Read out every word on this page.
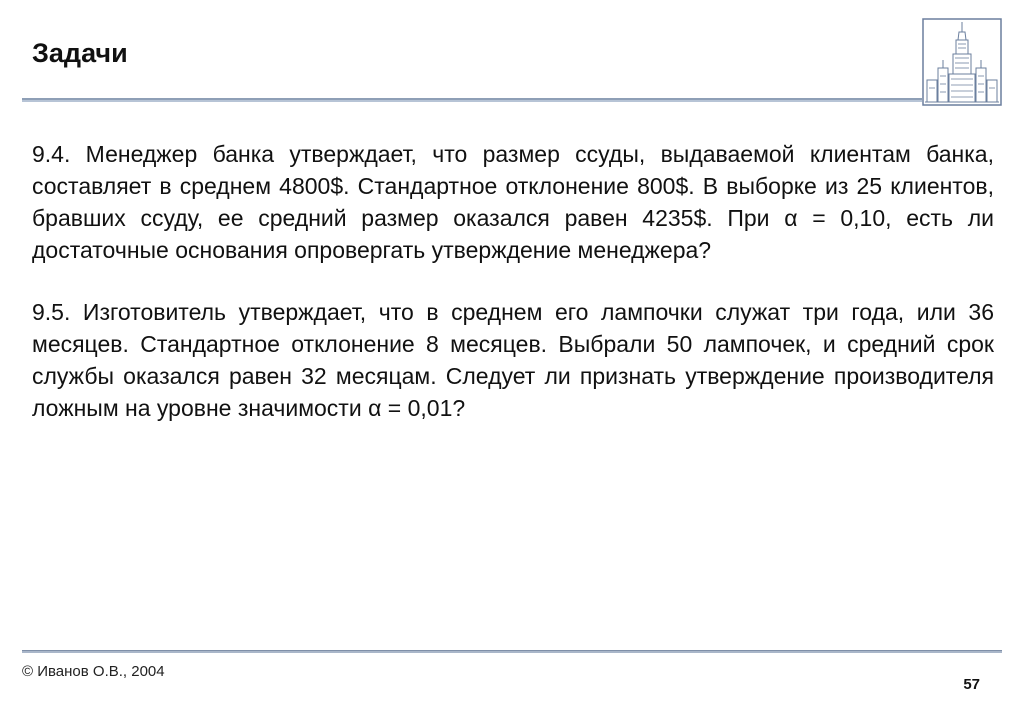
Задачи

9.4. Менеджер банка утверждает, что размер ссуды, выдаваемой клиентам банка, составляет в среднем 4800$. Стандартное отклонение 800$. В выборке из 25 клиентов, бравших ссуду, ее средний размер оказался равен 4235$. При α = 0,10, есть ли достаточные основания опровергать утверждение менеджера?

9.5. Изготовитель утверждает, что в среднем его лампочки служат три года, или 36 месяцев. Стандартное отклонение 8 месяцев. Выбрали 50 лампочек, и средний срок службы оказался равен 32 месяцам. Следует ли признать утверждение производителя ложным на уровне значимости α = 0,01?

© Иванов О.В., 2004
57
